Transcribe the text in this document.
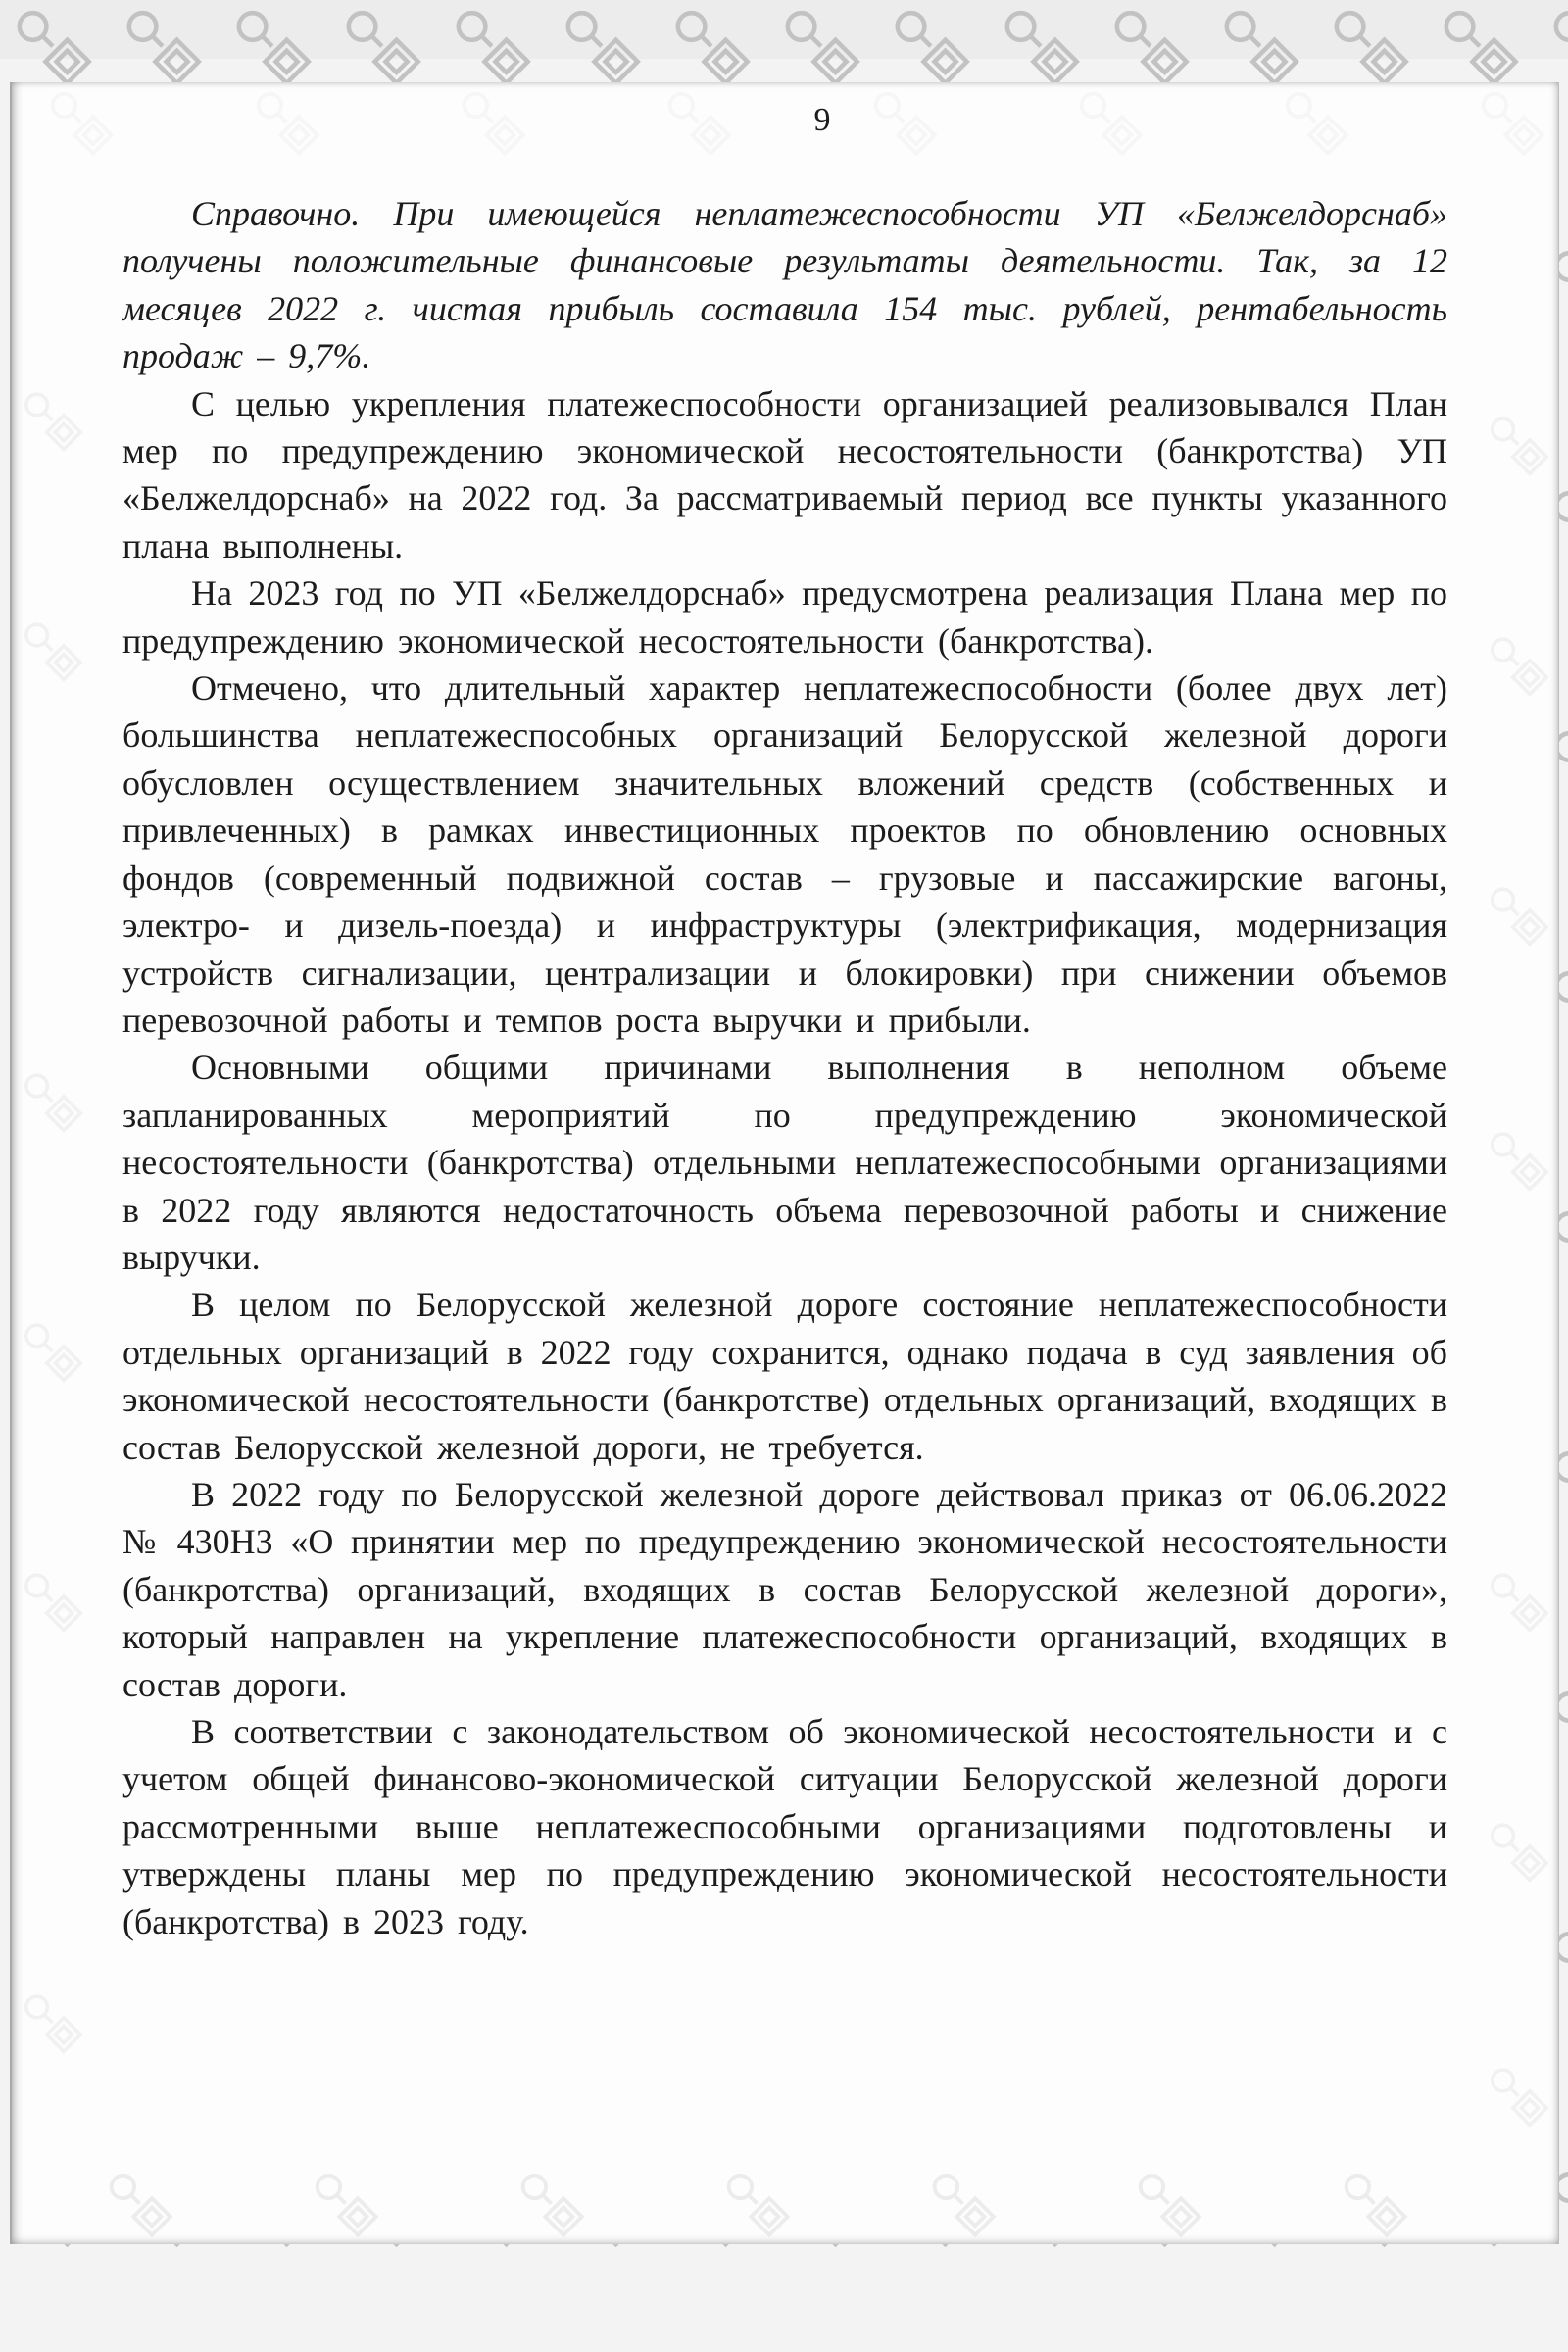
9

Справочно. При имеющейся неплатежеспособности УП «Белжелдорснаб» получены положительные финансовые результаты деятельности. Так, за 12 месяцев 2022 г. чистая прибыль составила 154 тыс. рублей, рентабельность продаж – 9,7%.

С целью укрепления платежеспособности организацией реализовывался План мер по предупреждению экономической несостоятельности (банкротства) УП «Белжелдорснаб» на 2022 год. За рассматриваемый период все пункты указанного плана выполнены.

На 2023 год по УП «Белжелдорснаб» предусмотрена реализация Плана мер по предупреждению экономической несостоятельности (банкротства).

Отмечено, что длительный характер неплатежеспособности (более двух лет) большинства неплатежеспособных организаций Белорусской железной дороги обусловлен осуществлением значительных вложений средств (собственных и привлеченных) в рамках инвестиционных проектов по обновлению основных фондов (современный подвижной состав – грузовые и пассажирские вагоны, электро- и дизель-поезда) и инфраструктуры (электрификация, модернизация устройств сигнализации, централизации и блокировки) при снижении объемов перевозочной работы и темпов роста выручки и прибыли.

Основными общими причинами выполнения в неполном объеме запланированных мероприятий по предупреждению экономической несостоятельности (банкротства) отдельными неплатежеспособными организациями в 2022 году являются недостаточность объема перевозочной работы и снижение выручки.

В целом по Белорусской железной дороге состояние неплатежеспособности отдельных организаций в 2022 году сохранится, однако подача в суд заявления об экономической несостоятельности (банкротстве) отдельных организаций, входящих в состав Белорусской железной дороги, не требуется.

В 2022 году по Белорусской железной дороге действовал приказ от 06.06.2022 № 430НЗ «О принятии мер по предупреждению экономической несостоятельности (банкротства) организаций, входящих в состав Белорусской железной дороги», который направлен на укрепление платежеспособности организаций, входящих в состав дороги.

В соответствии с законодательством об экономической несостоятельности и с учетом общей финансово-экономической ситуации Белорусской железной дороги рассмотренными выше неплатежеспособными организациями подготовлены и утверждены планы мер по предупреждению экономической несостоятельности (банкротства) в 2023 году.
